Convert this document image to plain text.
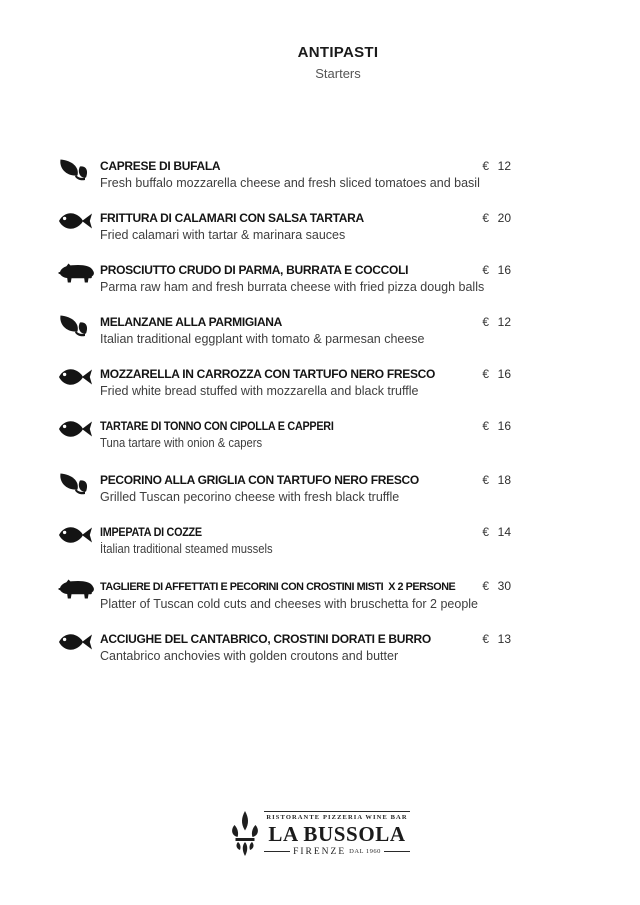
ANTIPASTI
Starters
CAPRESE DI BUFALA	€ 12
Fresh buffalo mozzarella cheese and fresh sliced tomatoes and basil
FRITTURA DI CALAMARI CON SALSA TARTARA	€ 20
Fried calamari with tartar & marinara sauces
PROSCIUTTO CRUDO DI PARMA, BURRATA E COCCOLI	€ 16
Parma raw ham and fresh burrata cheese with fried pizza dough balls
MELANZANE ALLA PARMIGIANA	€ 12
Italian traditional eggplant with tomato & parmesan cheese
MOZZARELLA IN CARROZZA CON TARTUFO NERO FRESCO	€ 16
Fried white bread stuffed with mozzarella and black truffle
TARTARE DI TONNO CON CIPOLLA E CAPPERI	€ 16
Tuna tartare with onion & capers
PECORINO ALLA GRIGLIA CON TARTUFO NERO FRESCO	€ 18
Grilled Tuscan pecorino cheese with fresh black truffle
IMPEPATA DI COZZE	€ 14
İtalian traditional steamed mussels
TAGLIERE DI AFFETTATI E PECORINI CON CROSTINI MISTI  X 2 PERSONE € 30
Platter of Tuscan cold cuts and cheeses with bruschetta for 2 people
ACCIUGHE DEL CANTABRICO, CROSTINI DORATI E BURRO	€ 13
Cantabrico anchovies with golden croutons and butter
RISTORANTE PIZZERIA WINE BAR
LA BUSSOLA
FIRENZE DAL 1960
